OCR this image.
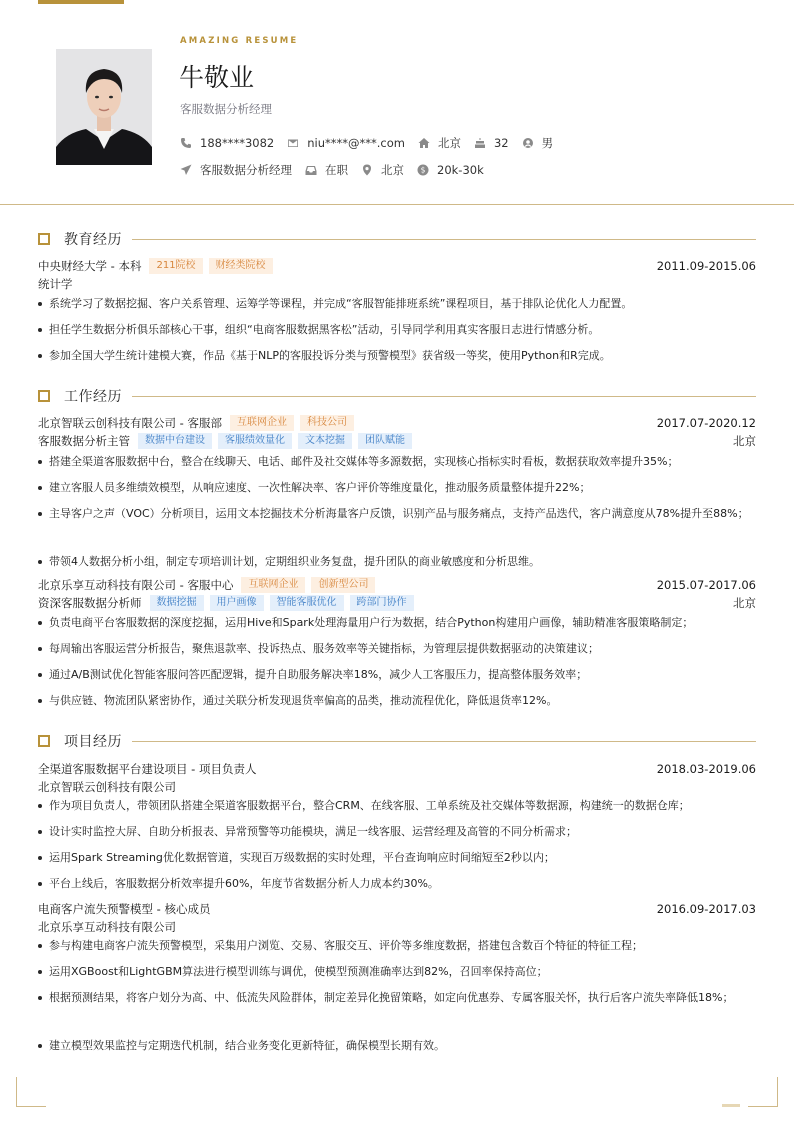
AMAZING RESUME
牛敬业
客服数据分析经理
188****3082	niu****@***.com	北京	32	男
客服数据分析经理	在职	北京 $ 20k-30k
教育经历
中央财经大学 - 本科	211院校	财经类院校	2011.09-2015.06
统计学
系统学习了数据挖掘、客户关系管理、运筹学等课程，并完成“客服智能排班系统”课程项目，基于排队论优化人力配置。
担任学生数据分析俱乐部核心干事，组织“电商客服数据黑客松”活动，引导同学利用真实客服日志进行情感分析。
参加全国大学生统计建模大赛，作品《基于NLP的客服投诉分类与预警模型》获省级一等奖，使用Python和R完成。
工作经历
北京智联云创科技有限公司 - 客服部	互联网企业	科技公司	2017.07-2020.12
客服数据分析主管	数据中台建设	客服绩效量化	文本挖掘	团队赋能	北京
搭建全渠道客服数据中台，整合在线聊天、电话、邮件及社交媒体等多源数据，实现核心指标实时看板，数据获取效率提升35%；
建立客服人员多维绩效模型，从响应速度、一次性解决率、客户评价等维度量化，推动服务质量整体提升22%；
主导客户之声（VOC）分析项目，运用文本挖掘技术分析海量客户反馈，识别产品与服务痛点，支持产品迭代，客户满意度从78%提升至88%；
带领4人数据分析小组，制定专项培训计划，定期组织业务复盘，提升团队的商业敏感度和分析思维。
北京乐享互动科技有限公司 - 客服中心	互联网企业	创新型公司	2015.07-2017.06
资深客服数据分析师	数据挖掘	用户画像	智能客服优化	跨部门协作	北京
负责电商平台客服数据的深度挖掘，运用Hive和Spark处理海量用户行为数据，结合Python构建用户画像，辅助精准客服策略制定；
每周输出客服运营分析报告，聚焦退款率、投诉热点、服务效率等关键指标，为管理层提供数据驱动的决策建议；
通过A/B测试优化智能客服问答匹配逻辑，提升自助服务解决率18%，减少人工客服压力，提高整体服务效率；
与供应链、物流团队紧密协作，通过关联分析发现退货率偏高的品类，推动流程优化，降低退货率12%。
项目经历
全渠道客服数据平台建设项目 - 项目负责人	2018.03-2019.06
北京智联云创科技有限公司
作为项目负责人，带领团队搭建全渠道客服数据平台，整合CRM、在线客服、工单系统及社交媒体等数据源，构建统一的数据仓库；
设计实时监控大屏、自助分析报表、异常预警等功能模块，满足一线客服、运营经理及高管的不同分析需求；
运用Spark Streaming优化数据管道，实现百万级数据的实时处理，平台查询响应时间缩短至2秒以内；
平台上线后，客服数据分析效率提升60%，年度节省数据分析人力成本约30%。
电商客户流失预警模型 - 核心成员	2016.09-2017.03
北京乐享互动科技有限公司
参与构建电商客户流失预警模型，采集用户浏览、交易、客服交互、评价等多维度数据，搭建包含数百个特征的特征工程；
运用XGBoost和LightGBM算法进行模型训练与调优，使模型预测准确率达到82%，召回率保持高位；
根据预测结果，将客户划分为高、中、低流失风险群体，制定差异化挽留策略，如定向优惠券、专属客服关怀，执行后客户流失率降低18%；
建立模型效果监控与定期迭代机制，结合业务变化更新特征，确保模型长期有效。
